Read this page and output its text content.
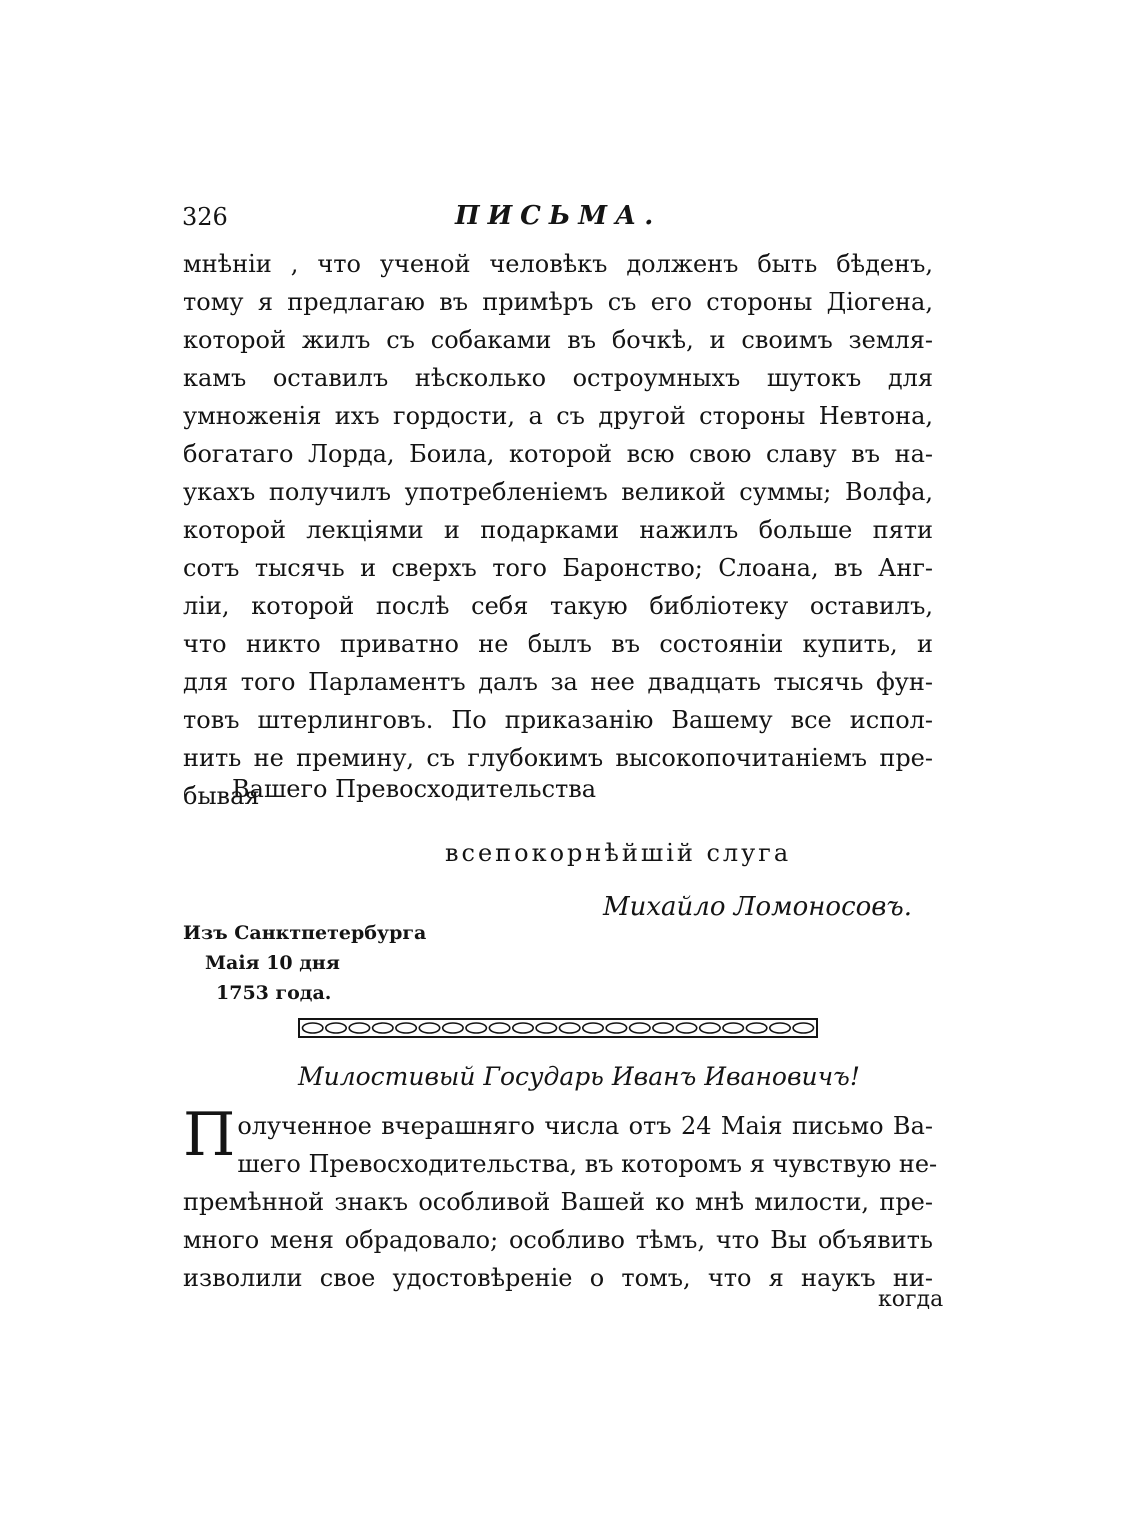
326	ПИСЬМА.
мнѣніи , что ученой человѣкъ долженъ быть бѣденъ,
тому я предлагаю въ примѣръ съ его стороны Діогена,
которой жилъ съ собаками въ бочкѣ, и своимъ земля-
камъ оставилъ нѣсколько остроумныхъ шутокъ для
умноженія ихъ гордости, а съ другой стороны Невтона,
богатаго Лорда, Боила, которой всю свою славу въ на-
укахъ получилъ употребленіемъ великой суммы; Волфа,
которой лекціями и подарками нажилъ больше пяти
сотъ тысячь и сверхъ того Баронство; Слоана, въ Анг-
ліи, которой послѣ себя такую библіотеку оставилъ,
что никто приватно не былъ въ состояніи купить, и
для того Парламентъ далъ за нее двадцать тысячь фун-
товъ штерлинговъ. По приказанію Вашему все испол-
нить не премину, съ глубокимъ высокопочитаніемъ пре-
бывая
Вашего Превосходительства
всепокорнѣйшій слуга
Михайло Ломоносовъ.
Изъ Санктпетербурга
Маія 10 дня
1753 года.
Милостивый Государь Иванъ Ивановичъ!
П олученное вчерашняго числа отъ 24 Маія письмо Ва-
шего Превосходительства, въ которомъ я чувствую не-
премѣнной знакъ особливой Вашей ко мнѣ милости, пре-
много меня обрадовало; особливо тѣмъ, что Вы объявить
изволили свое удостовѣреніе о томъ, что я наукъ ни-
когда
